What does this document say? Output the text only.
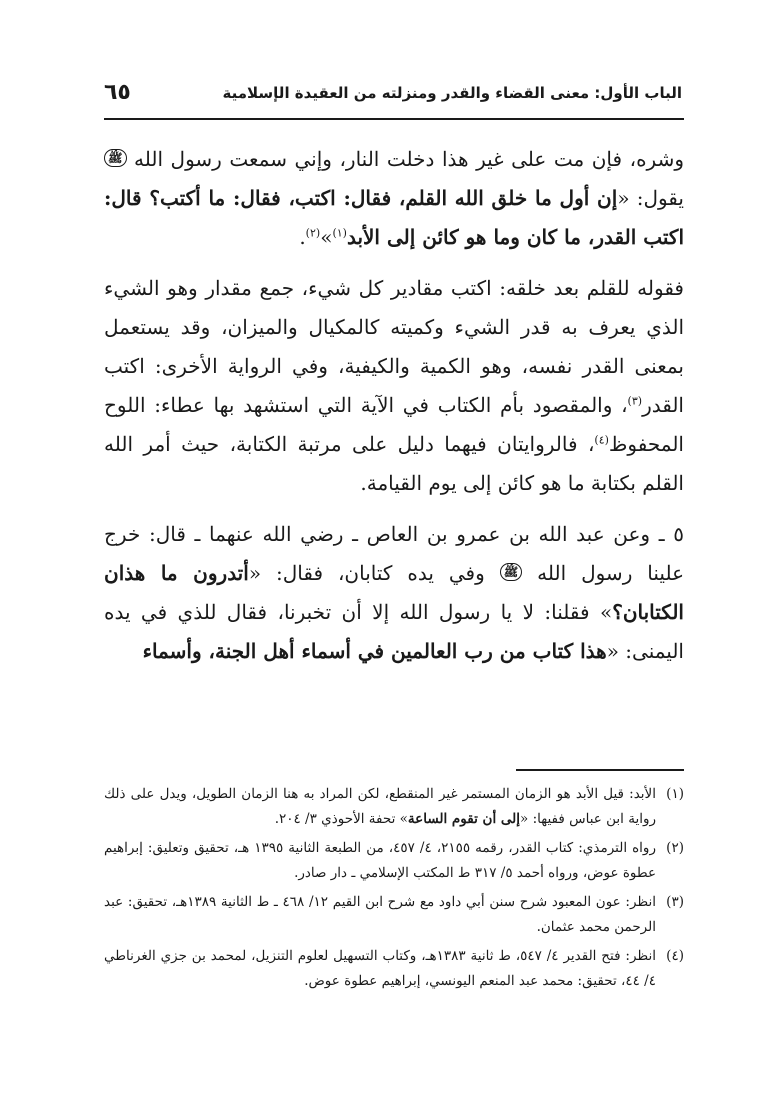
الباب الأول: معنى القضاء والقدر ومنزلته من العقيدة الإسلامية
٦٥

وشره، فإن مت على غير هذا دخلت النار، وإني سمعت رسول الله ﷺ يقول: «إن أول ما خلق الله القلم، فقال: اكتب، فقال: ما أكتب؟ قال: اكتب القدر، ما كان وما هو كائن إلى الأبد$^{(١)}$»$^{(٢)}$.

فقوله للقلم بعد خلقه: اكتب مقادير كل شيء، جمع مقدار وهو الشيء الذي يعرف به قدر الشيء وكميته كالمكيال والميزان، وقد يستعمل بمعنى القدر نفسه، وهو الكمية والكيفية، وفي الرواية الأخرى: اكتب القدر$^{(٣)}$، والمقصود بأم الكتاب في الآية التي استشهد بها عطاء: اللوح المحفوظ$^{(٤)}$، فالروايتان فيهما دليل على مرتبة الكتابة، حيث أمر الله القلم بكتابة ما هو كائن إلى يوم القيامة.

٥ ـ وعن عبد الله بن عمرو بن العاص ـ رضي الله عنهما ـ قال: خرج علينا رسول الله ﷺ وفي يده كتابان، فقال: «أتدرون ما هذان الكتابان؟» فقلنا: لا يا رسول الله إلا أن تخبرنا، فقال للذي في يده اليمنى: «هذا كتاب من رب العالمين في أسماء أهل الجنة، وأسماء

(١)
الأبد: قيل الأبد هو الزمان المستمر غير المنقطع، لكن المراد به هنا الزمان الطويل، ويدل على ذلك رواية ابن عباس ففيها: «إلى أن تقوم الساعة» تحفة الأحوذي ٣/ ٢٠٤.
(٢)
رواه الترمذي: كتاب القدر، رقمه ٢١٥٥، ٤/ ٤٥٧، من الطبعة الثانية ١٣٩٥ هـ، تحقيق وتعليق: إبراهيم عطوة عوض، ورواه أحمد ٥/ ٣١٧ ط المكتب الإسلامي ـ دار صادر.
(٣)
انظر: عون المعبود شرح سنن أبي داود مع شرح ابن القيم ١٢/ ٤٦٨ ـ ط الثانية ١٣٨٩هـ، تحقيق: عبد الرحمن محمد عثمان.
(٤)
انظر: فتح القدير ٤/ ٥٤٧، ط ثانية ١٣٨٣هـ، وكتاب التسهيل لعلوم التنزيل، لمحمد بن جزي الغرناطي ٤/ ٤٤، تحقيق: محمد عبد المنعم اليونسي، إبراهيم عطوة عوض.
